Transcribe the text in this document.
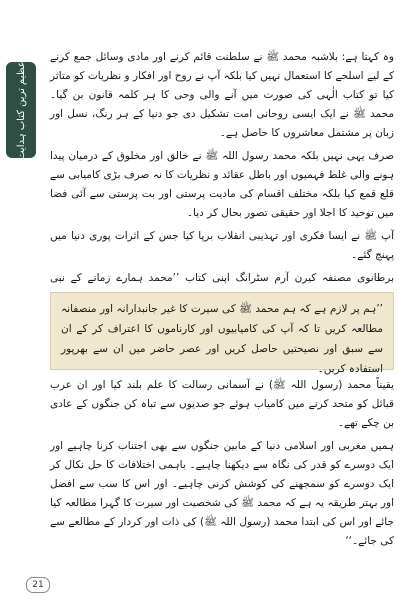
عظیم ترین کتاب ہدایت

وہ کہتا ہے: بلاشبہ محمد ﷺ نے سلطنت قائم کرنے اور مادی وسائل جمع کرنے کے لیے اسلحے کا استعمال نہیں کیا بلکہ آپ نے روح اور افکار و نظریات کو متاثر کیا تو کتاب الٰہی کی صورت میں آنے والی وحی کا ہر کلمہ قانون بن گیا۔ محمد ﷺ نے ایک ایسی روحانی امت تشکیل دی جو دنیا کے ہر رنگ، نسل اور زبان پر مشتمل معاشروں کا حاصل ہے۔

صرف یہی نہیں بلکہ محمد رسول اللہ ﷺ نے خالق اور مخلوق کے درمیان پیدا ہونے والی غلط فہمیوں اور باطل عقائد و نظریات کا نہ صرف بڑی کامیابی سے قلع قمع کیا بلکہ مختلف اقسام کی مادیت پرستی اور بت پرستی سے آئی فضا میں توحید کا اجلا اور حقیقی تصور بحال کر دیا۔

آپ ﷺ نے ایسا فکری اور تہذیبی انقلاب برپا کیا جس کے اثرات پوری دنیا میں پہنچ گئے۔

برطانوی مصنفہ کیرن آرم سٹرانگ اپنی کتاب ’’محمد ہمارے زمانے کے نبی

’’ہم پر لازم ہے کہ ہم محمد ﷺ کی سیرت کا غیر جانبدارانہ اور منصفانہ مطالعہ کریں تا کہ آپ کی کامیابیوں اور کارناموں کا اعتراف کر کے ان سے سبق اور نصیحتیں حاصل کریں اور عصر حاضر میں ان سے بھرپور استفادہ کریں۔

یقیناً محمد (رسول اللہ ﷺ) نے آسمانی رسالت کا علم بلند کیا اور ان عرب قبائل کو متحد کرنے میں کامیاب ہوئے جو صدیوں سے تباہ کن جنگوں کے عادی بن چکے تھے۔

ہمیں مغربی اور اسلامی دنیا کے مابین جنگوں سے بھی اجتناب کرنا چاہیے اور ایک دوسرے کو قدر کی نگاہ سے دیکھنا چاہیے۔ باہمی اختلافات کا حل نکال کر ایک دوسرے کو سمجھنے کی کوشش کرنی چاہیے۔ اور اس کا سب سے افضل اور بہتر طریقہ یہ ہے کہ محمد ﷺ کی شخصیت اور سیرت کا گہرا مطالعہ کیا جائے اور اس کی ابتدا محمد (رسول اللہ ﷺ) کی ذات اور کردار کے مطالعے سے کی جائے۔‘‘

21
